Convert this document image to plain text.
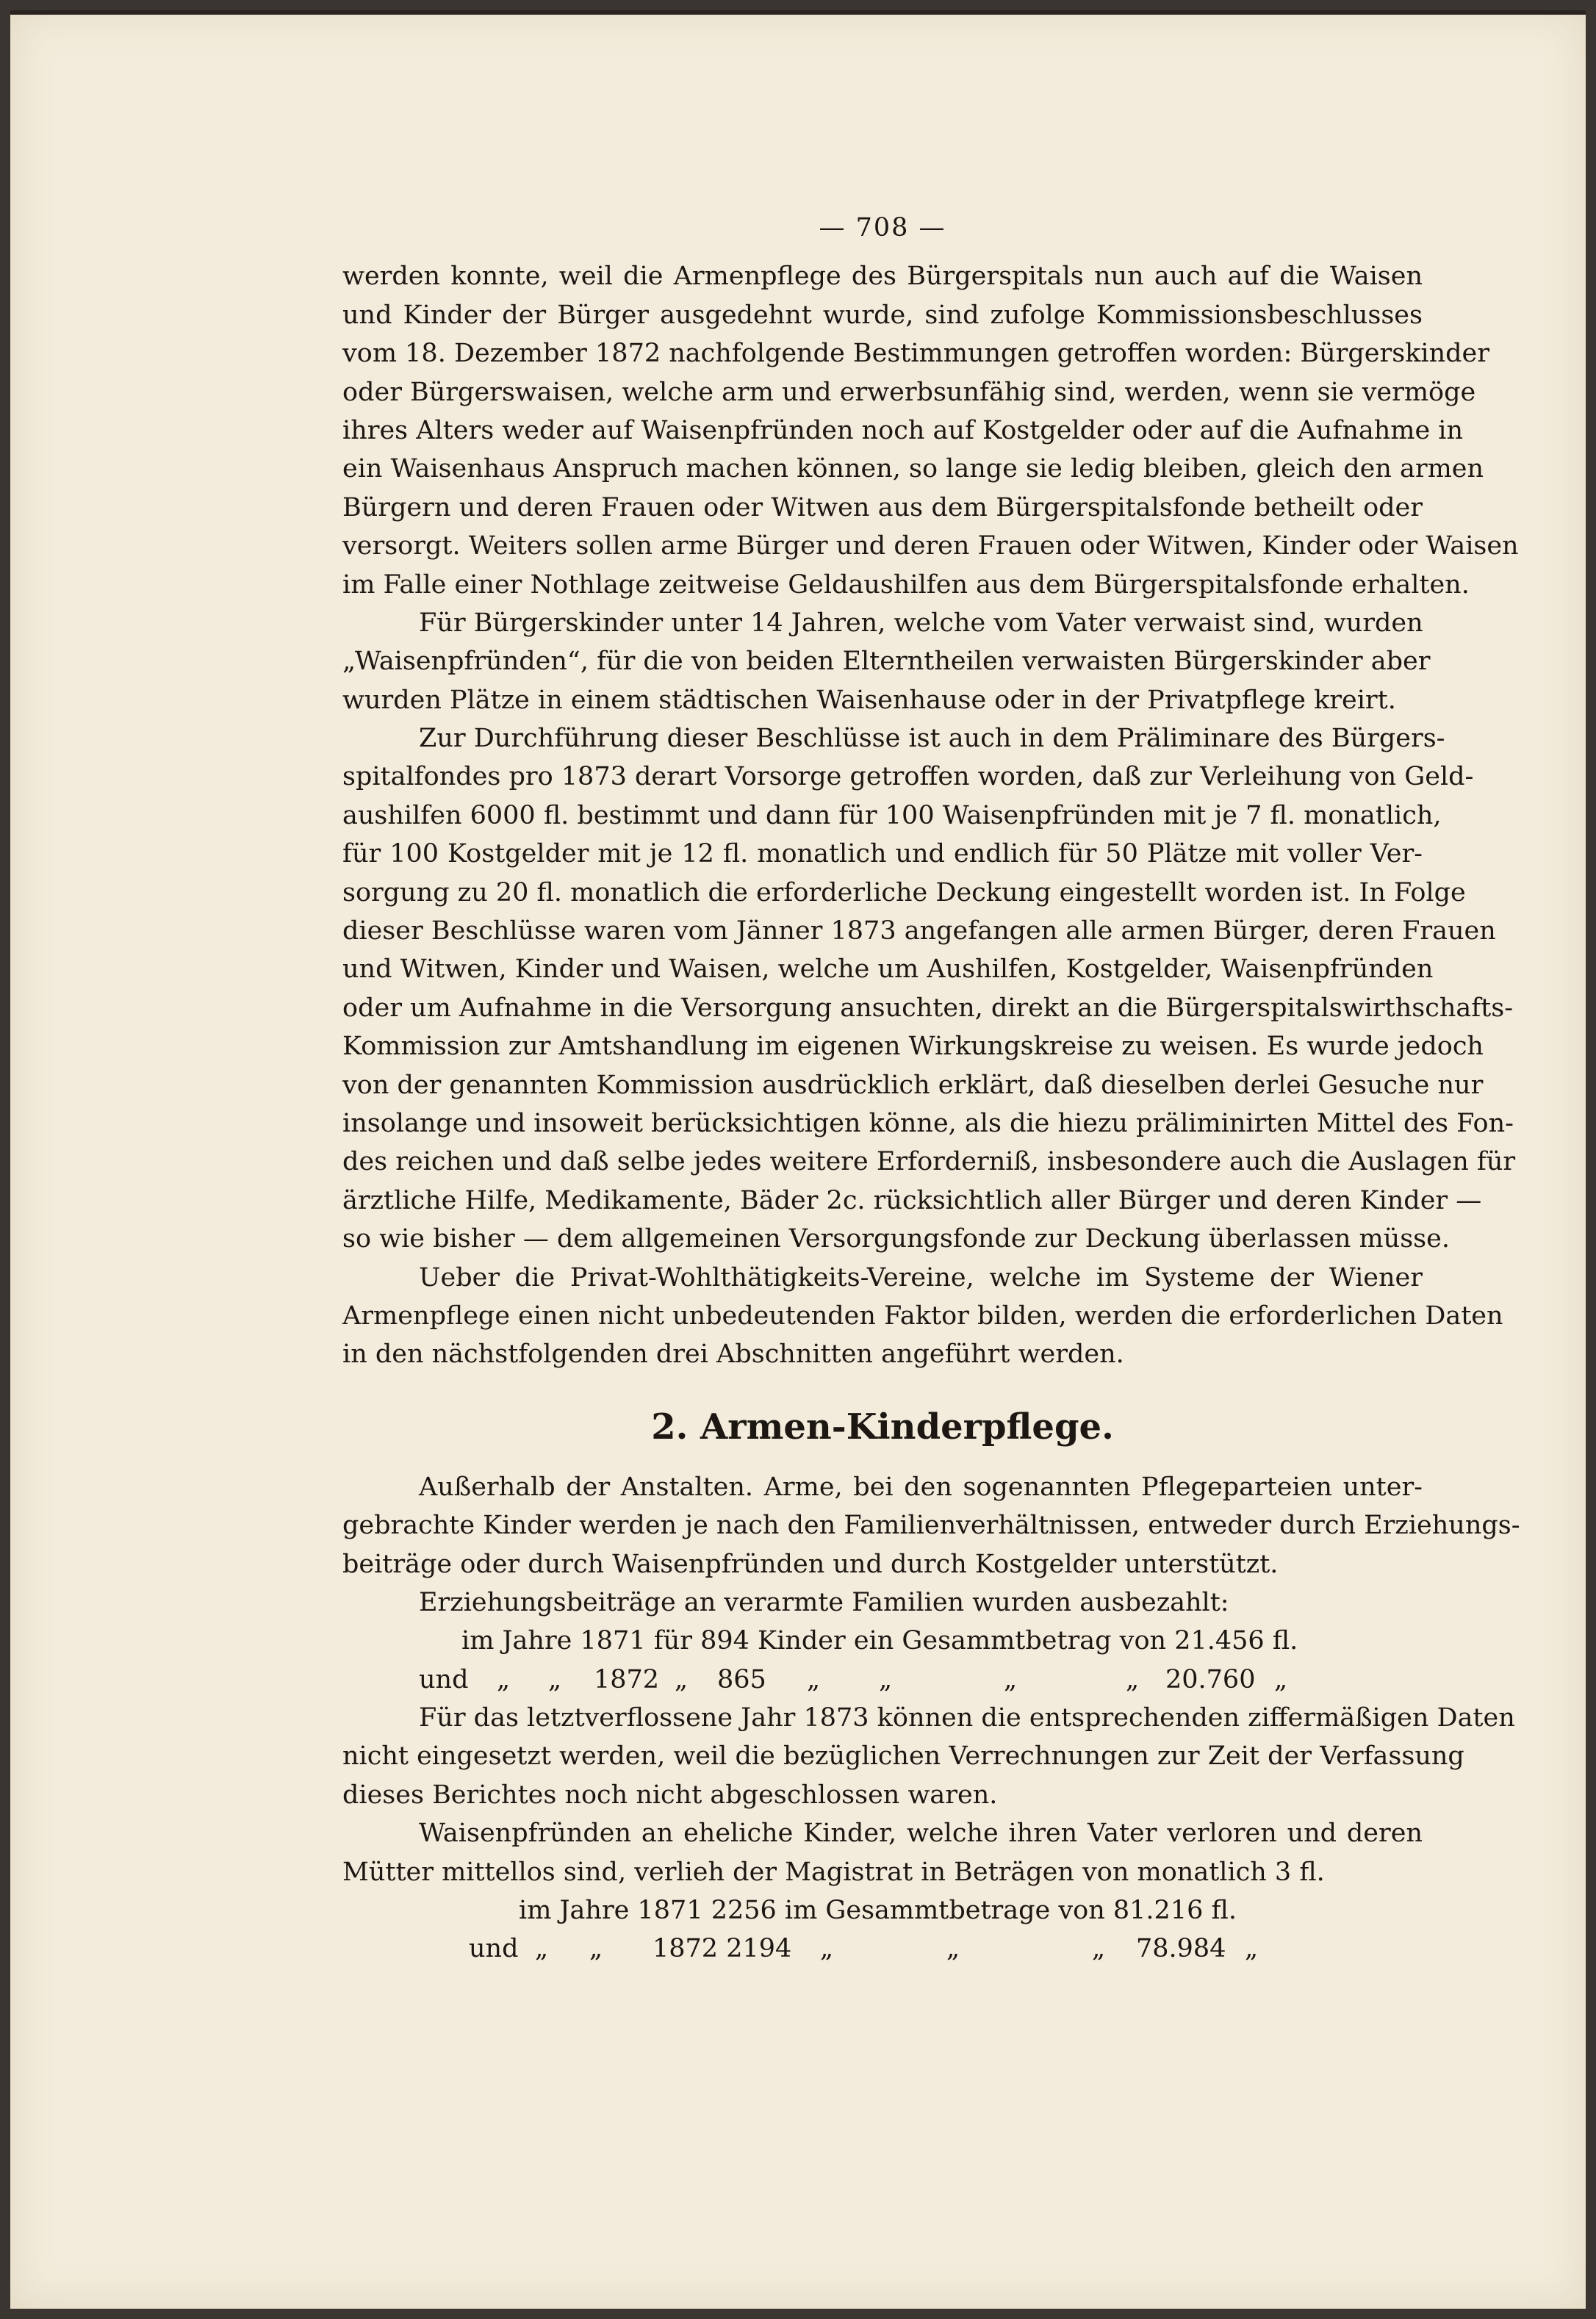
— 708 —
werden konnte, weil die Armenpflege des Bürgerspitals nun auch auf die Waisen
und Kinder der Bürger ausgedehnt wurde, sind zufolge Kommissionsbeschlusses
vom 18. Dezember 1872 nachfolgende Bestimmungen getroffen worden: Bürgerskinder
oder Bürgerswaisen, welche arm und erwerbsunfähig sind, werden, wenn sie vermöge
ihres Alters weder auf Waisenpfründen noch auf Kostgelder oder auf die Aufnahme in
ein Waisenhaus Anspruch machen können, so lange sie ledig bleiben, gleich den armen
Bürgern und deren Frauen oder Witwen aus dem Bürgerspitalsfonde betheilt oder
versorgt. Weiters sollen arme Bürger und deren Frauen oder Witwen, Kinder oder Waisen
im Falle einer Nothlage zeitweise Geldaushilfen aus dem Bürgerspitalsfonde erhalten.
Für Bürgerskinder unter 14 Jahren, welche vom Vater verwaist sind, wurden
„Waisenpfründen“, für die von beiden Elterntheilen verwaisten Bürgerskinder aber
wurden Plätze in einem städtischen Waisenhause oder in der Privatpflege kreirt.
Zur Durchführung dieser Beschlüsse ist auch in dem Präliminare des Bürgers-
spitalfondes pro 1873 derart Vorsorge getroffen worden, daß zur Verleihung von Geld-
aushilfen 6000 fl. bestimmt und dann für 100 Waisenpfründen mit je 7 fl. monatlich,
für 100 Kostgelder mit je 12 fl. monatlich und endlich für 50 Plätze mit voller Ver-
sorgung zu 20 fl. monatlich die erforderliche Deckung eingestellt worden ist. In Folge
dieser Beschlüsse waren vom Jänner 1873 angefangen alle armen Bürger, deren Frauen
und Witwen, Kinder und Waisen, welche um Aushilfen, Kostgelder, Waisenpfründen
oder um Aufnahme in die Versorgung ansuchten, direkt an die Bürgerspitalswirthschafts-
Kommission zur Amtshandlung im eigenen Wirkungskreise zu weisen. Es wurde jedoch
von der genannten Kommission ausdrücklich erklärt, daß dieselben derlei Gesuche nur
insolange und insoweit berücksichtigen könne, als die hiezu präliminirten Mittel des Fon-
des reichen und daß selbe jedes weitere Erforderniß, insbesondere auch die Auslagen für
ärztliche Hilfe, Medikamente, Bäder 2c. rücksichtlich aller Bürger und deren Kinder —
so wie bisher — dem allgemeinen Versorgungsfonde zur Deckung überlassen müsse.
Ueber die Privat-Wohlthätigkeits-Vereine, welche im Systeme der Wiener
Armenpflege einen nicht unbedeutenden Faktor bilden, werden die erforderlichen Daten
in den nächstfolgenden drei Abschnitten angeführt werden.
2. Armen-Kinderpflege.
Außerhalb der Anstalten. Arme, bei den sogenannten Pflegeparteien unter-
gebrachte Kinder werden je nach den Familienverhältnissen, entweder durch Erziehungs-
beiträge oder durch Waisenpfründen und durch Kostgelder unterstützt.
Erziehungsbeiträge an verarmte Familien wurden ausbezahlt:
im Jahre 1871 für 894 Kinder ein Gesammtbetrag von 21.456 fl.
und „ „ 1872 „ 865 „ „	„	„ 20.760 „
Für das letztverflossene Jahr 1873 können die entsprechenden ziffermäßigen Daten
nicht eingesetzt werden, weil die bezüglichen Verrechnungen zur Zeit der Verfassung
dieses Berichtes noch nicht abgeschlossen waren.
Waisenpfründen an eheliche Kinder, welche ihren Vater verloren und deren
Mütter mittellos sind, verlieh der Magistrat in Beträgen von monatlich 3 fl.
im Jahre 1871 2256 im Gesammtbetrage von 81.216 fl.
und „ „ 1872 2194 „	„	„ 78.984 „
